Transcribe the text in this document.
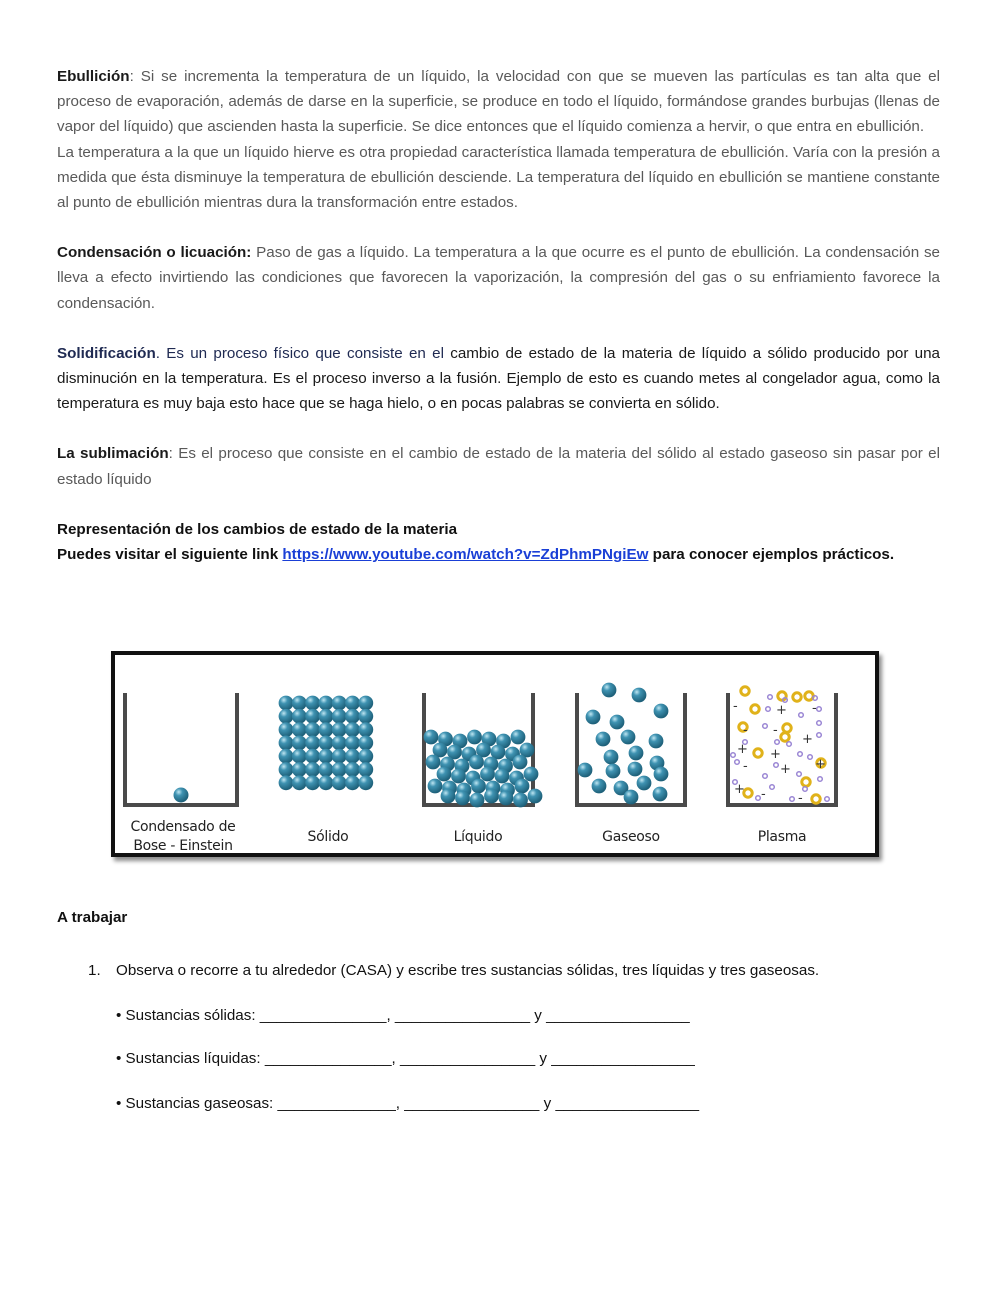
Ebullición: Si se incrementa la temperatura de un líquido, la velocidad con que se mueven las partículas es tan alta que el proceso de evaporación, además de darse en la superficie, se produce en todo el líquido, formándose grandes burbujas (llenas de vapor del líquido) que ascienden hasta la superficie. Se dice entonces que el líquido comienza a hervir, o que entra en ebullición.

La temperatura a la que un líquido hierve es otra propiedad característica llamada temperatura de ebullición. Varía con la presión a medida que ésta disminuye la temperatura de ebullición desciende. La temperatura del líquido en ebullición se mantiene constante al punto de ebullición mientras dura la transformación entre estados.

Condensación o licuación: Paso de gas a líquido. La temperatura a la que ocurre es el punto de ebullición. La condensación se lleva a efecto invirtiendo las condiciones que favorecen la vaporización, la compresión del gas o su enfriamiento favorece la condensación.

Solidificación. Es un proceso físico que consiste en el cambio de estado de la materia de líquido a sólido producido por una disminución en la temperatura. Es el proceso inverso a la fusión. Ejemplo de esto es cuando metes al congelador agua, como la temperatura es muy baja esto hace que se haga hielo, o en pocas palabras se convierta en sólido.

La sublimación: Es el proceso que consiste en el cambio de estado de la materia del sólido al estado gaseoso sin pasar por el estado líquido

Representación de los cambios de estado de la materia

Puedes visitar el siguiente link https://www.youtube.com/watch?v=ZdPhmPNgiEw para conocer ejemplos prácticos.

-	+ -
- -
+
+ +
+
- +
+ - -
Condensado de
Bose - Einstein
Sólido	Líquido	Gaseoso	Plasma

A trabajar

1. Observa o recorre a tu alrededor (CASA) y escribe tres sustancias sólidas, tres líquidas y tres gaseosas.
• Sustancias sólidas: _______________, ________________ y _________________
• Sustancias líquidas: _______________, ________________ y _________________
• Sustancias gaseosas: ______________, ________________ y _________________
